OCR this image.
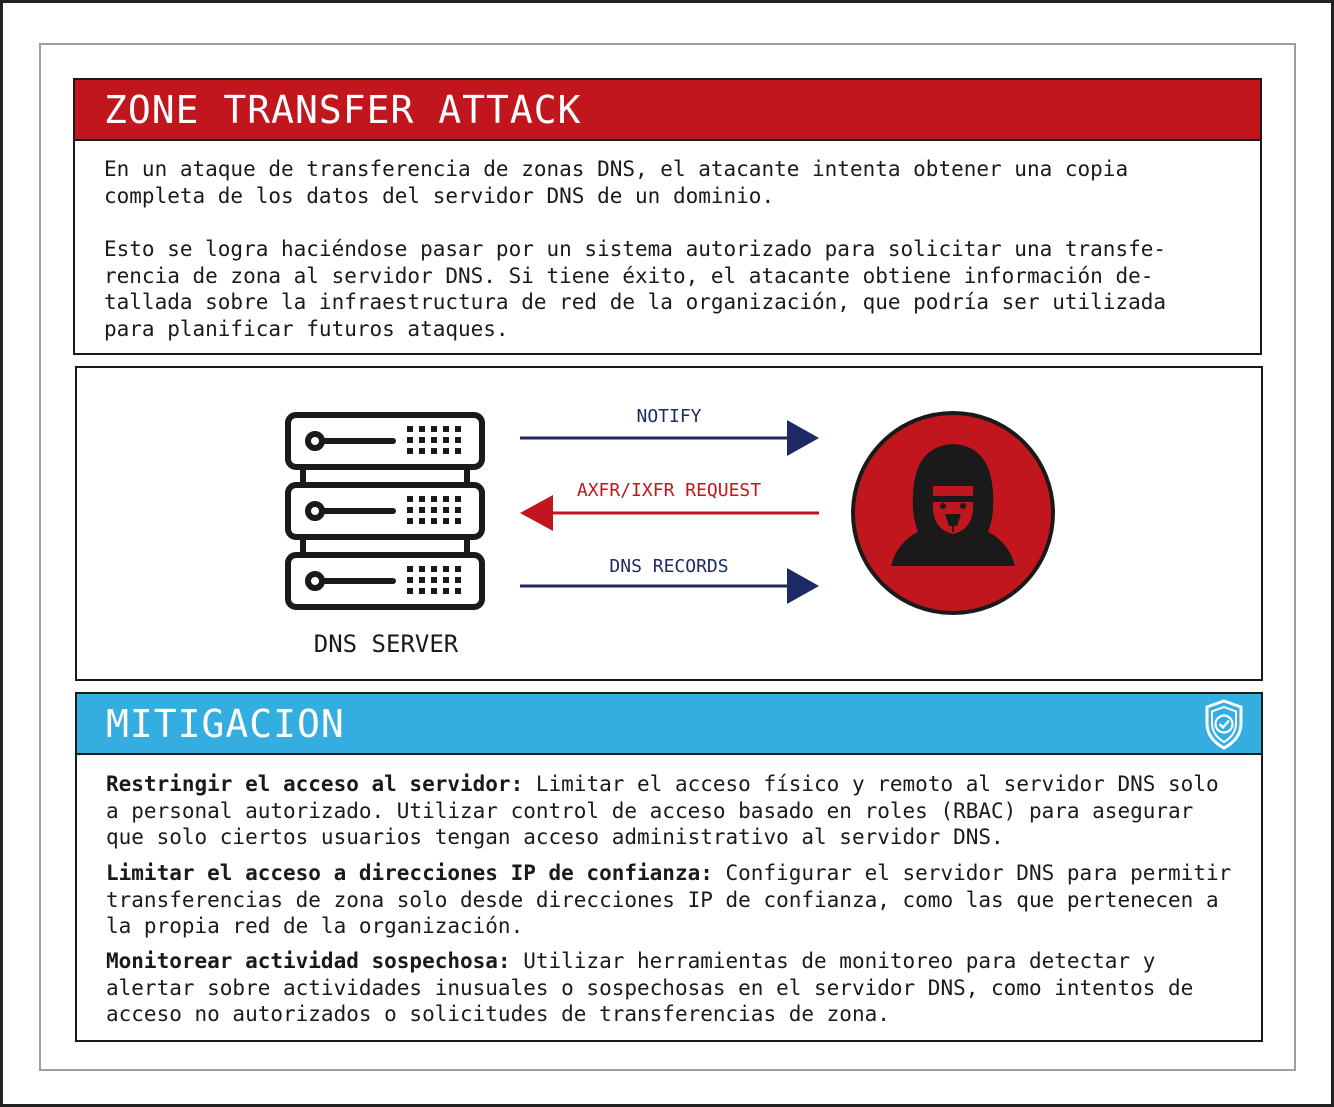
ZONE TRANSFER ATTACK
En un ataque de transferencia de zonas DNS, el atacante intenta obtener una copia
completa de los datos del servidor DNS de un dominio.
Esto se logra haciéndose pasar por un sistema autorizado para solicitar una transfe-
rencia de zona al servidor DNS. Si tiene éxito, el atacante obtiene información de-
tallada sobre la infraestructura de red de la organización, que podría ser utilizada
para planificar futuros ataques.
DNS SERVER
NOTIFY
AXFR/IXFR REQUEST
DNS RECORDS
MITIGACION
Restringir el acceso al servidor: Limitar el acceso físico y remoto al servidor DNS solo a personal autorizado. Utilizar control de acceso basado en roles (RBAC) para asegurar que solo ciertos usuarios tengan acceso administrativo al servidor DNS.
Limitar el acceso a direcciones IP de confianza: Configurar el servidor DNS para permitir transferencias de zona solo desde direcciones IP de confianza, como las que pertenecen a la propia red de la organización.
Monitorear actividad sospechosa: Utilizar herramientas de monitoreo para detectar y alertar sobre actividades inusuales o sospechosas en el servidor DNS, como intentos de acceso no autorizados o solicitudes de transferencias de zona.
